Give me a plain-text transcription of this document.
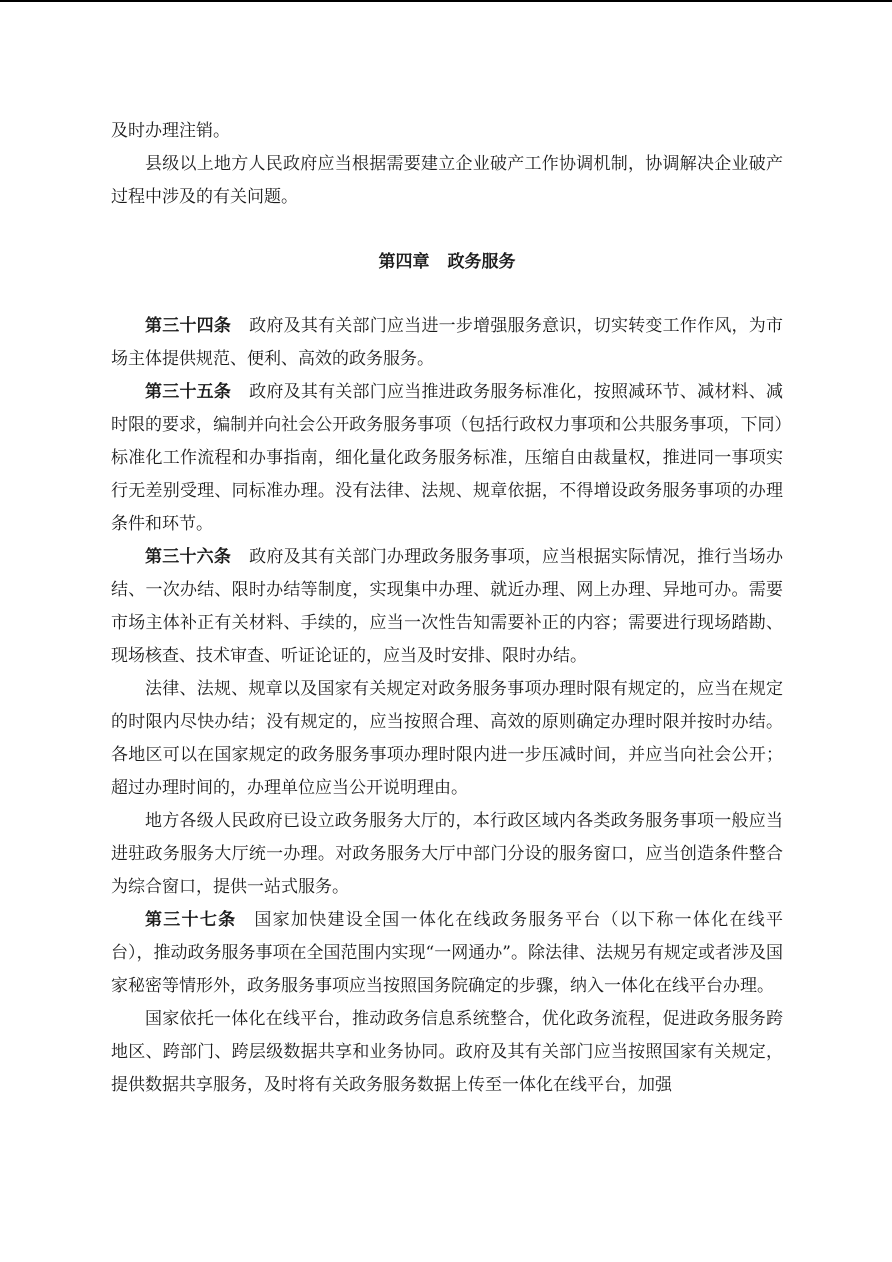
及时办理注销。

县级以上地方人民政府应当根据需要建立企业破产工作协调机制，协调解决企业破产过程中涉及的有关问题。

第四章 政务服务

第三十四条 政府及其有关部门应当进一步增强服务意识，切实转变工作作风，为市场主体提供规范、便利、高效的政务服务。

第三十五条 政府及其有关部门应当推进政务服务标准化，按照减环节、减材料、减时限的要求，编制并向社会公开政务服务事项（包括行政权力事项和公共服务事项，下同）标准化工作流程和办事指南，细化量化政务服务标准，压缩自由裁量权，推进同一事项实行无差别受理、同标准办理。没有法律、法规、规章依据，不得增设政务服务事项的办理条件和环节。

第三十六条 政府及其有关部门办理政务服务事项，应当根据实际情况，推行当场办结、一次办结、限时办结等制度，实现集中办理、就近办理、网上办理、异地可办。需要市场主体补正有关材料、手续的，应当一次性告知需要补正的内容；需要进行现场踏勘、现场核查、技术审查、听证论证的，应当及时安排、限时办结。

法律、法规、规章以及国家有关规定对政务服务事项办理时限有规定的，应当在规定的时限内尽快办结；没有规定的，应当按照合理、高效的原则确定办理时限并按时办结。各地区可以在国家规定的政务服务事项办理时限内进一步压减时间，并应当向社会公开；超过办理时间的，办理单位应当公开说明理由。

地方各级人民政府已设立政务服务大厅的，本行政区域内各类政务服务事项一般应当进驻政务服务大厅统一办理。对政务服务大厅中部门分设的服务窗口，应当创造条件整合为综合窗口，提供一站式服务。

第三十七条 国家加快建设全国一体化在线政务服务平台（以下称一体化在线平台），推动政务服务事项在全国范围内实现“一网通办”。除法律、法规另有规定或者涉及国家秘密等情形外，政务服务事项应当按照国务院确定的步骤，纳入一体化在线平台办理。

国家依托一体化在线平台，推动政务信息系统整合，优化政务流程，促进政务服务跨地区、跨部门、跨层级数据共享和业务协同。政府及其有关部门应当按照国家有关规定，提供数据共享服务，及时将有关政务服务数据上传至一体化在线平台，加强
